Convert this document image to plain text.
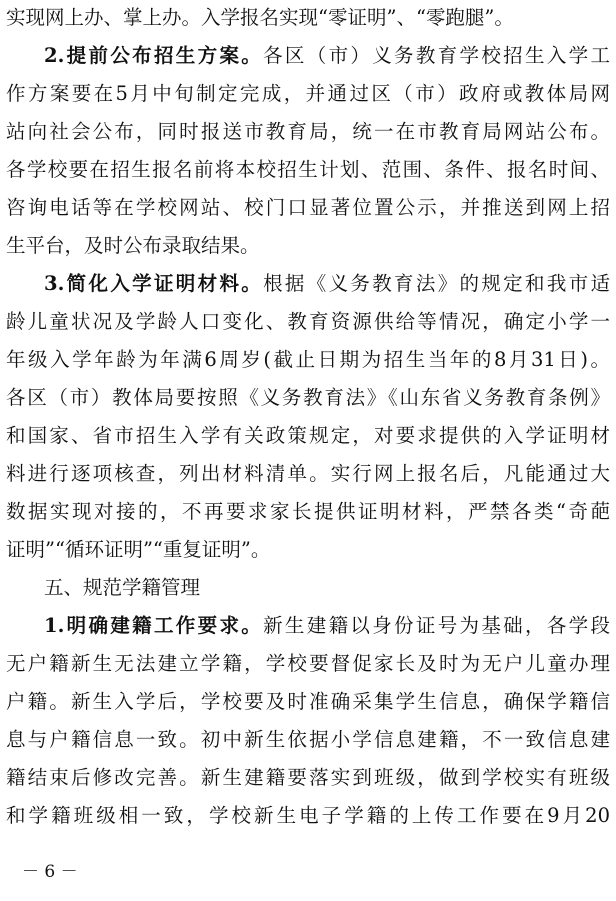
实现网上办、掌上办。入学报名实现“零证明”、“零跑腿”。
2.提前公布招生方案。各区（市）义务教育学校招生入学工
作方案要在5月中旬制定完成，并通过区（市）政府或教体局网
站向社会公布，同时报送市教育局，统一在市教育局网站公布。
各学校要在招生报名前将本校招生计划、范围、条件、报名时间、
咨询电话等在学校网站、校门口显著位置公示，并推送到网上招
生平台，及时公布录取结果。
3.简化入学证明材料。根据《义务教育法》的规定和我市适
龄儿童状况及学龄人口变化、教育资源供给等情况，确定小学一
年级入学年龄为年满6周岁(截止日期为招生当年的8月31日)。
各区（市）教体局要按照《义务教育法》《山东省义务教育条例》
和国家、省市招生入学有关政策规定，对要求提供的入学证明材
料进行逐项核查，列出材料清单。实行网上报名后，凡能通过大
数据实现对接的，不再要求家长提供证明材料，严禁各类“奇葩
证明”“循环证明”“重复证明”。
五、规范学籍管理
1.明确建籍工作要求。新生建籍以身份证号为基础，各学段
无户籍新生无法建立学籍，学校要督促家长及时为无户儿童办理
户籍。新生入学后，学校要及时准确采集学生信息，确保学籍信
息与户籍信息一致。初中新生依据小学信息建籍，不一致信息建
籍结束后修改完善。新生建籍要落实到班级，做到学校实有班级
和学籍班级相一致，学校新生电子学籍的上传工作要在9月20
－ 6 －
